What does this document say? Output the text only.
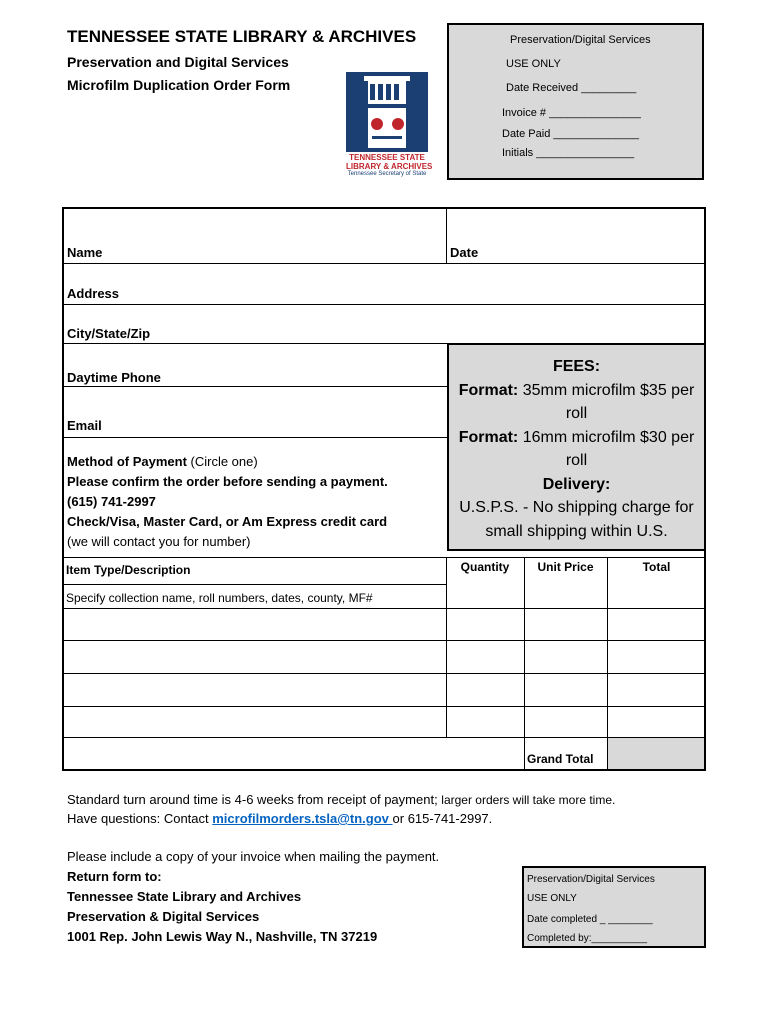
TENNESSEE STATE LIBRARY & ARCHIVES
Preservation and Digital Services
Microfilm Duplication Order Form
TENNESSEE STATE
LIBRARY & ARCHIVES
Tennessee Secretary of State
Preservation/Digital Services
USE ONLY
Date Received _________
Invoice # _______________
Date Paid ______________
Initials ________________
Name	Date
Address
City/State/Zip
Daytime Phone
Email
Method of Payment (Circle one)
Please confirm the order before sending a payment.
(615) 741-2997
Check/Visa, Master Card, or Am Express credit card
(we will contact you for number)
FEES:
Format: 35mm microfilm $35 per roll
Format: 16mm microfilm $30 per roll
Delivery:
U.S.P.S. - No shipping charge for small shipping within U.S.
Item Type/Description
Specify collection name, roll numbers, dates, county, MF#
Quantity	Unit Price	Total
Grand Total
Standard turn around time is 4-6 weeks from receipt of payment; larger orders will take more time.
Have questions: Contact microfilmorders.tsla@tn.gov or 615-741-2997.
Please include a copy of your invoice when mailing the payment.
Return form to:
Tennessee State Library and Archives
Preservation & Digital Services
1001 Rep. John Lewis Way N., Nashville, TN 37219
Preservation/Digital Services
USE ONLY
Date completed _ ________
Completed by:__________
